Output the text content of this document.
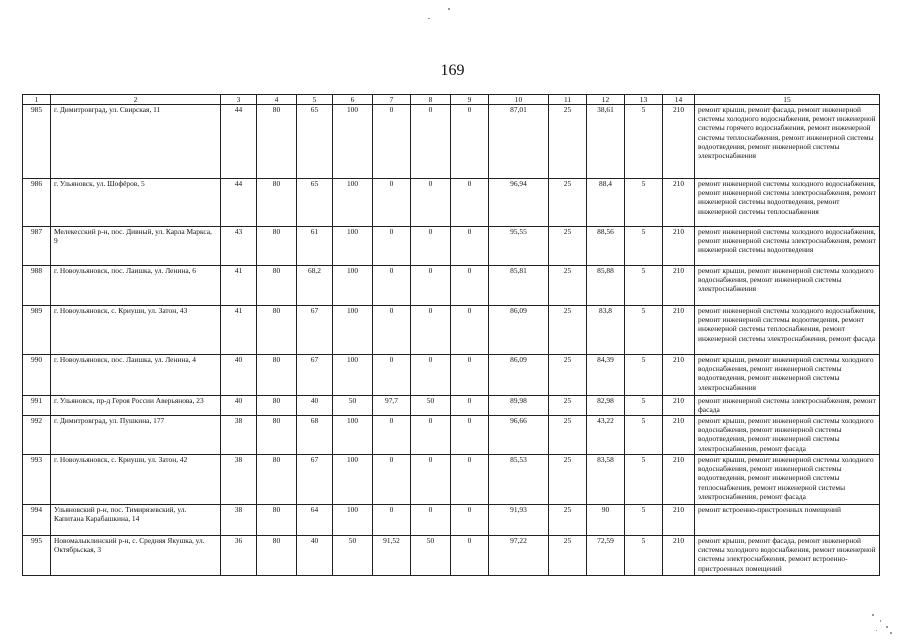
169
1	2	3	4	5	6	7	8	9	10	11	12	13	14	15
985	г. Димитровград, ул. Свирская, 11	44	80	65	100	0	0	0	87,01	25	38,61	5	210	ремонт крыши, ремонт фасада, ремонт инженерной системы холодного водоснабжения, ремонт инженерной системы горячего водоснабжения, ремонт инженерной системы теплоснабжения, ремонт инженерной системы водоотведения, ремонт инженерной системы электроснабжения
986	г. Ульяновск, ул. Шофёров, 5	44	80	65	100	0	0	0	96,94	25	88,4	5	210	ремонт инженерной системы холодного водоснабжения, ремонт инженерной системы электроснабжения, ремонт инженерной системы водоотведения, ремонт инженерной системы теплоснабжения
987	Мелекесский р-н, пос. Дивный, ул. Карла Маркса, 9	43	80	61	100	0	0	0	95,55	25	88,56	5	210	ремонт инженерной системы холодного водоснабжения, ремонт инженерной системы электроснабжения, ремонт инженерной системы водоотведения
988	г. Новоульяновск, пос. Лаишка, ул. Ленина, 6	41	80	68,2	100	0	0	0	85,81	25	85,88	5	210	ремонт крыши, ремонт инженерной системы холодного водоснабжения, ремонт инженерной системы электроснабжения
989	г. Новоульяновск, с. Криуши, ул. Затон, 43	41	80	67	100	0	0	0	86,09	25	83,8	5	210	ремонт инженерной системы холодного водоснабжения, ремонт инженерной системы водоотведения, ремонт инженерной системы теплоснабжения, ремонт инженерной системы электроснабжения, ремонт фасада
990	г. Новоульяновск, пос. Лаишка, ул. Ленина, 4	40	80	67	100	0	0	0	86,09	25	84,39	5	210	ремонт крыши, ремонт инженерной системы холодного водоснабжения, ремонт инженерной системы водоотведения, ремонт инженерной системы электроснабжения
991	г. Ульяновск, пр-д Героя России Аверьянова, 23	40	80	40	50	97,7	50	0	89,98	25	82,98	5	210	ремонт инженерной системы электроснабжения, ремонт фасада
992	г. Димитровград, ул. Пушкина, 177	38	80	68	100	0	0	0	96,66	25	43,22	5	210	ремонт крыши, ремонт инженерной системы холодного водоснабжения, ремонт инженерной системы водоотведения, ремонт инженерной системы электроснабжения, ремонт фасада
993	г. Новоульяновск, с. Криуши, ул. Затон, 42	38	80	67	100	0	0	0	85,53	25	83,58	5	210	ремонт крыши, ремонт инженерной системы холодного водоснабжения, ремонт инженерной системы водоотведения, ремонт инженерной системы теплоснабжения, ремонт инженерной системы электроснабжения, ремонт фасада
994	Ульяновский р-н, пос. Тимирязевский, ул. Капитана Карабашкина, 14	38	80	64	100	0	0	0	91,93	25	90	5	210	ремонт встроенно-пристроенных помещений
995	Новомалыклинский р-н, с. Средняя Якушка, ул. Октябрьская, 3	36	80	40	50	91,52	50	0	97,22	25	72,59	5	210	ремонт крыши, ремонт фасада, ремонт инженерной системы холодного водоснабжения, ремонт инженерной системы электроснабжения, ремонт встроенно-пристроенных помещений
